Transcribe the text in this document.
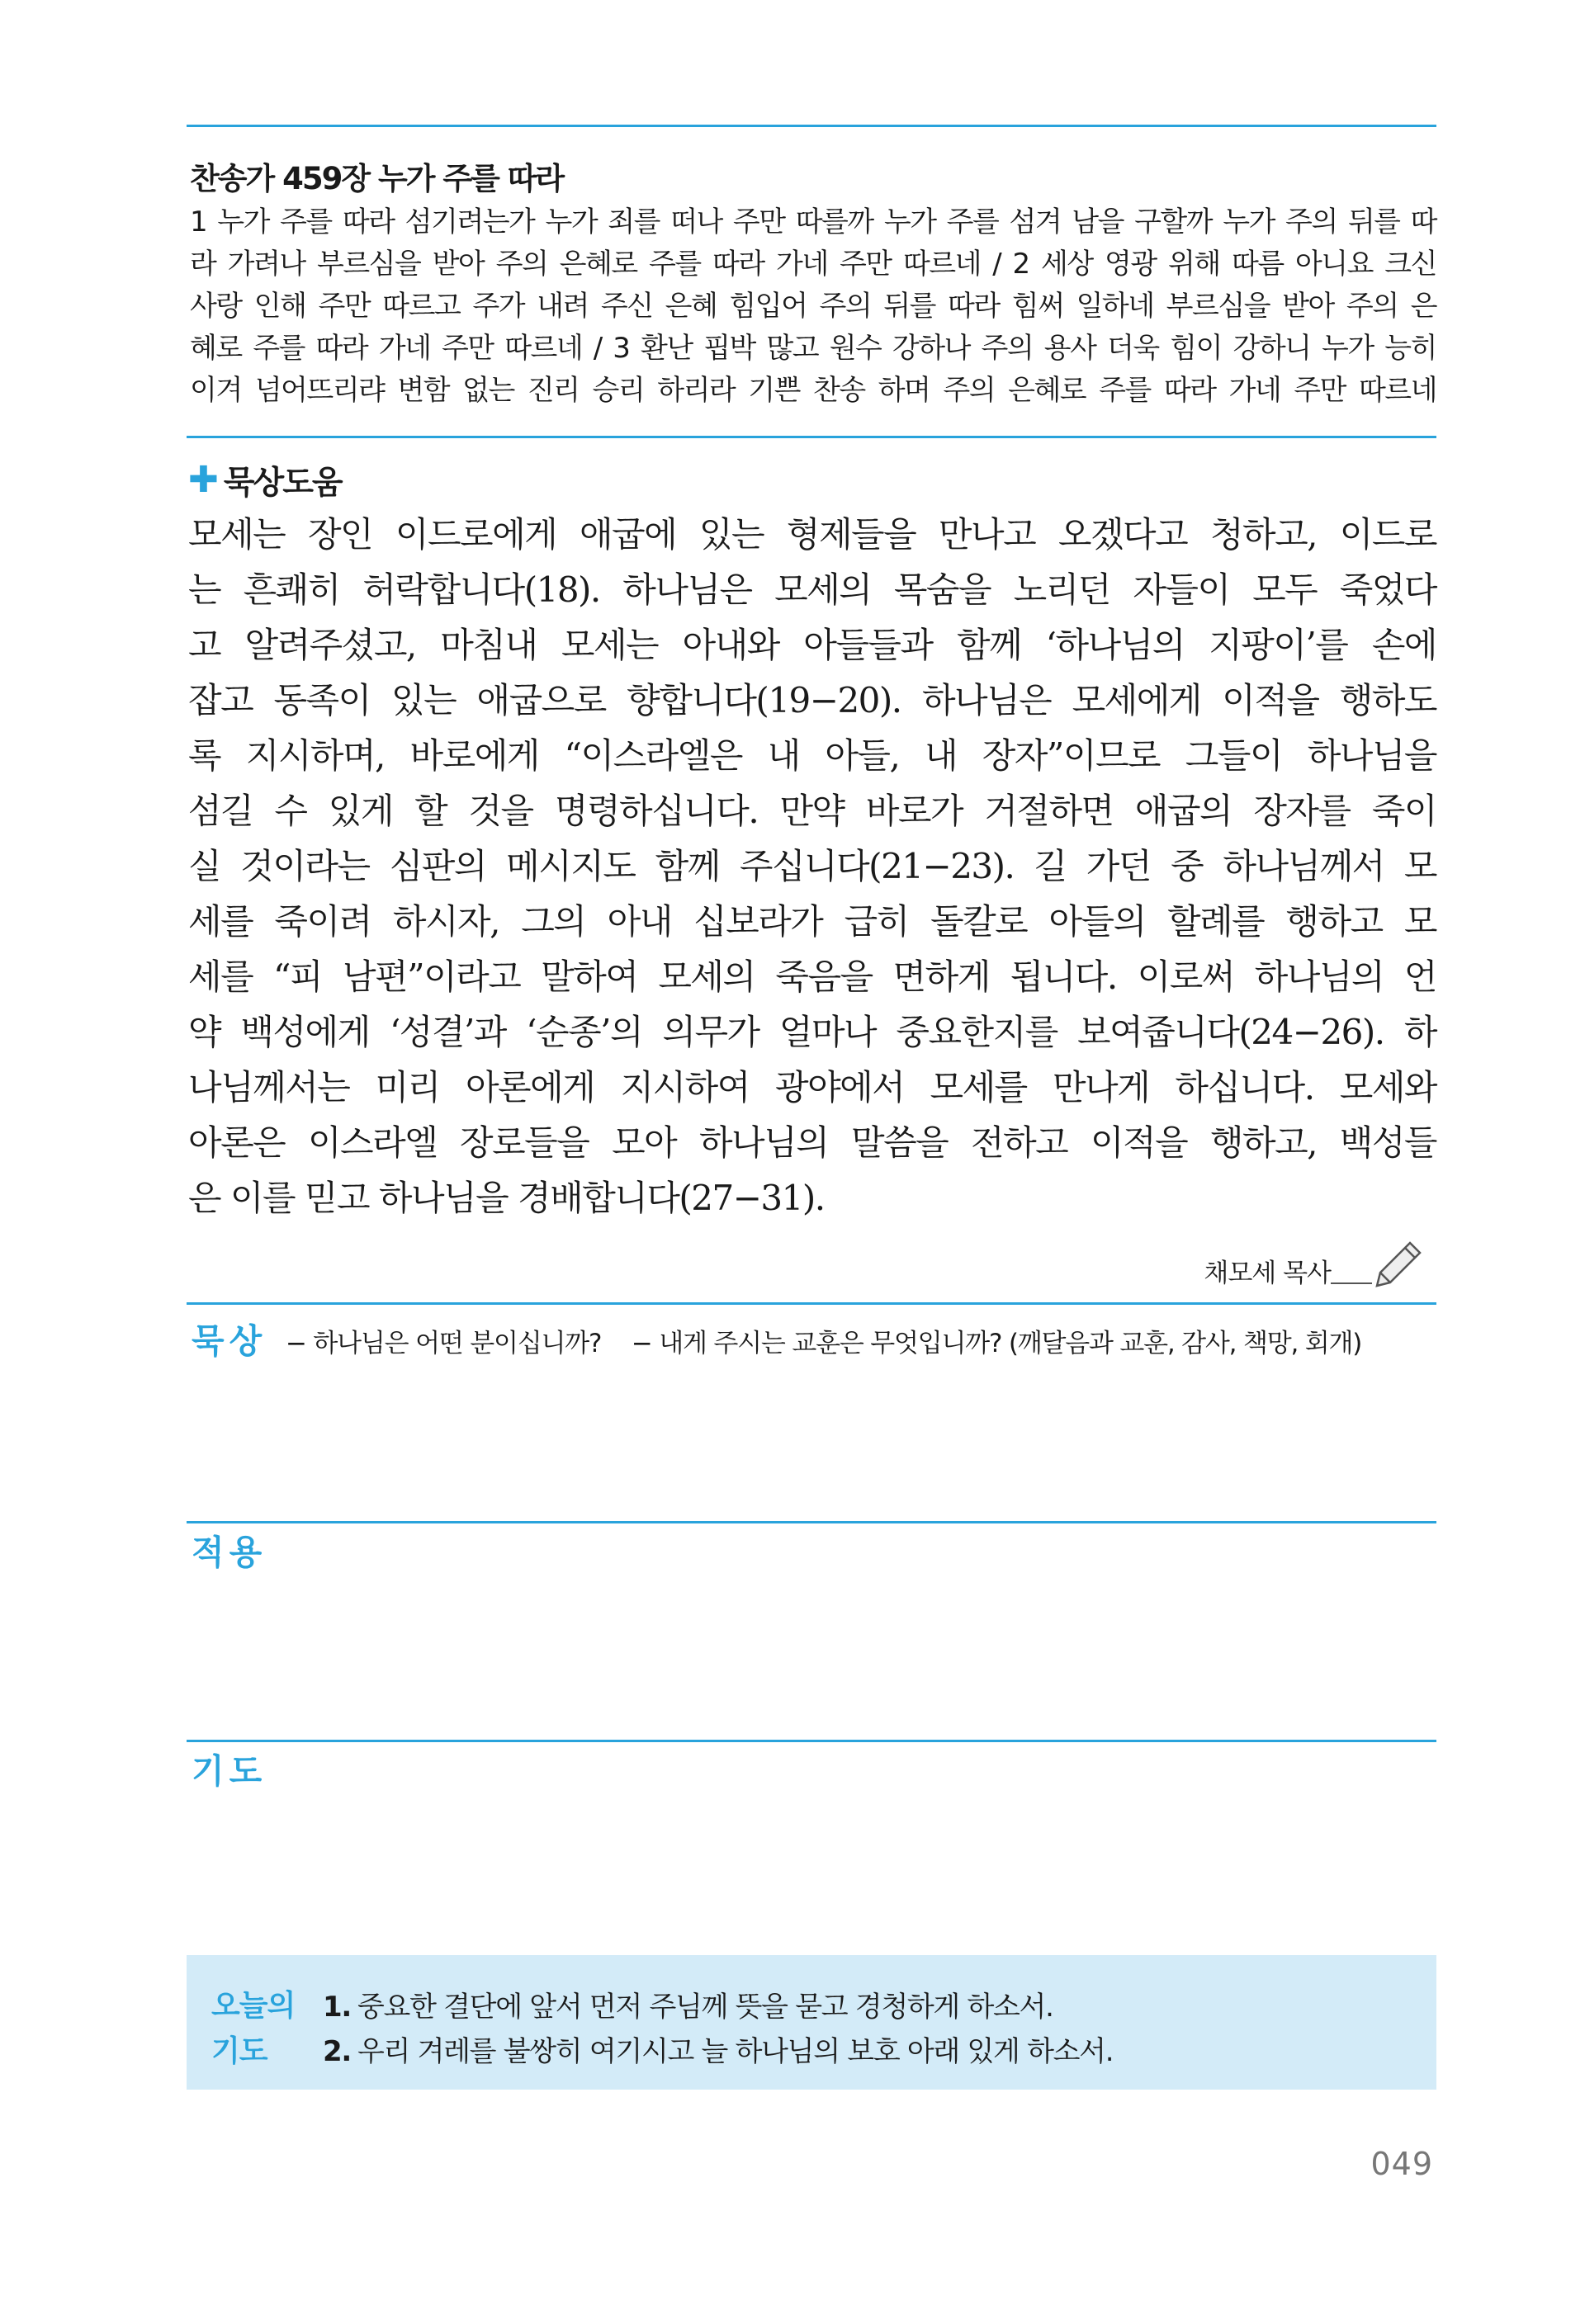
찬송가 459장 누가 주를 따라
1 누가 주를 따라 섬기려는가 누가 죄를 떠나 주만 따를까 누가 주를 섬겨 남을 구할까 누가 주의 뒤를 따
라 가려나 부르심을 받아 주의 은혜로 주를 따라 가네 주만 따르네 / 2 세상 영광 위해 따름 아니요 크신
사랑 인해 주만 따르고 주가 내려 주신 은혜 힘입어 주의 뒤를 따라 힘써 일하네 부르심을 받아 주의 은
혜로 주를 따라 가네 주만 따르네 / 3 환난 핍박 많고 원수 강하나 주의 용사 더욱 힘이 강하니 누가 능히
이겨 넘어뜨리랴 변함 없는 진리 승리 하리라 기쁜 찬송 하며 주의 은혜로 주를 따라 가네 주만 따르네
✚ 묵상도움
모세는 장인 이드로에게 애굽에 있는 형제들을 만나고 오겠다고 청하고, 이드로
는 흔쾌히 허락합니다(18). 하나님은 모세의 목숨을 노리던 자들이 모두 죽었다
고 알려주셨고, 마침내 모세는 아내와 아들들과 함께 ‘하나님의 지팡이’를 손에
잡고 동족이 있는 애굽으로 향합니다(19−20). 하나님은 모세에게 이적을 행하도
록 지시하며, 바로에게 “이스라엘은 내 아들, 내 장자”이므로 그들이 하나님을
섬길 수 있게 할 것을 명령하십니다. 만약 바로가 거절하면 애굽의 장자를 죽이
실 것이라는 심판의 메시지도 함께 주십니다(21−23). 길 가던 중 하나님께서 모
세를 죽이려 하시자, 그의 아내 십보라가 급히 돌칼로 아들의 할례를 행하고 모
세를 “피 남편”이라고 말하여 모세의 죽음을 면하게 됩니다. 이로써 하나님의 언
약 백성에게 ‘성결’과 ‘순종’의 의무가 얼마나 중요한지를 보여줍니다(24−26). 하
나님께서는 미리 아론에게 지시하여 광야에서 모세를 만나게 하십니다. 모세와
아론은 이스라엘 장로들을 모아 하나님의 말씀을 전하고 이적을 행하고, 백성들
은 이를 믿고 하나님을 경배합니다(27−31).
채모세 목사
묵상 − 하나님은 어떤 분이십니까? − 내게 주시는 교훈은 무엇입니까? (깨달음과 교훈, 감사, 책망, 회개)
적용
기도
오늘의
기도
1. 중요한 결단에 앞서 먼저 주님께 뜻을 묻고 경청하게 하소서.
2. 우리 겨레를 불쌍히 여기시고 늘 하나님의 보호 아래 있게 하소서.
049
